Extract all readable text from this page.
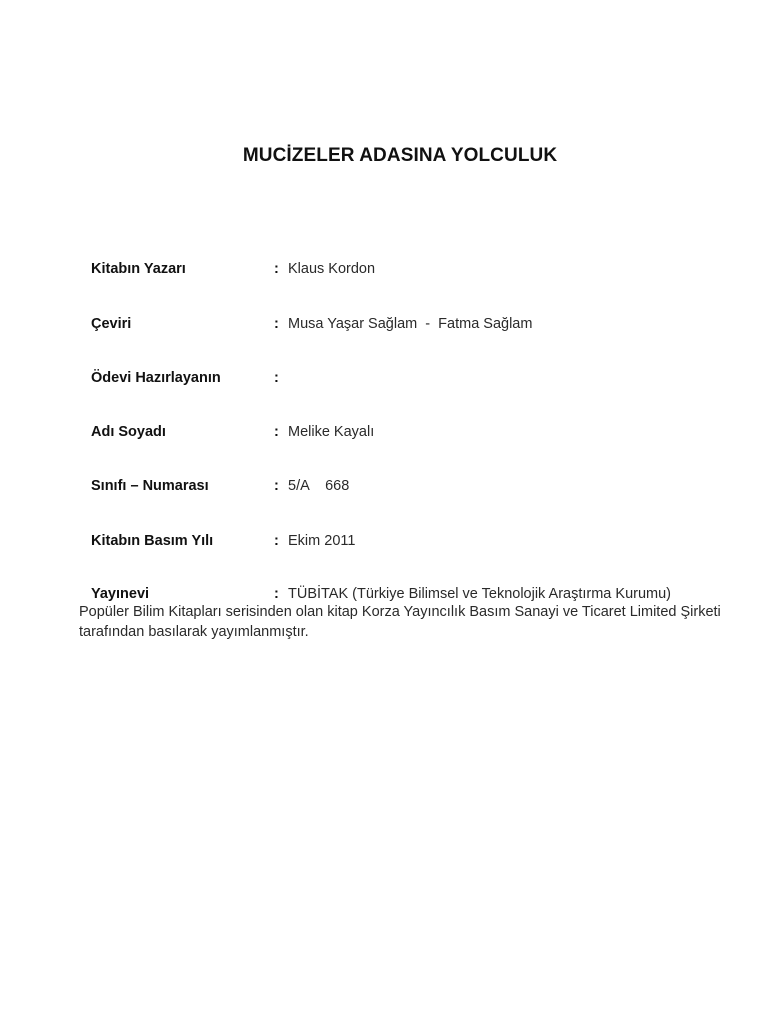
MUCİZELER ADASINA YOLCULUK
Kitabın Yazarı	: Klaus Kordon
Çeviri	: Musa Yaşar Sağlam  -  Fatma Sağlam
Ödevi Hazırlayanın	:
Adı Soyadı	: Melike Kayalı
Sınıfı – Numarası	: 5/A    668
Kitabın Basım Yılı	: Ekim 2011
Yayınevi	: TÜBİTAK (Türkiye Bilimsel ve Teknolojik Araştırma Kurumu)
Popüler Bilim Kitapları serisinden olan kitap Korza Yayıncılık Basım Sanayi ve Ticaret Limited Şirketi tarafından basılarak yayımlanmıştır.
